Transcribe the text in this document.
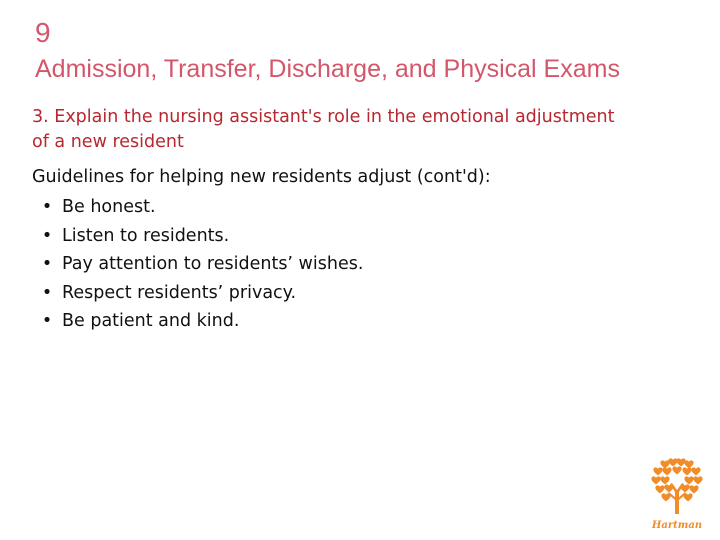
9
Admission, Transfer, Discharge, and Physical Exams
3. Explain the nursing assistant's role in the emotional adjustment of a new resident
Guidelines for helping new residents adjust (cont'd):
• Be honest.
• Listen to residents.
• Pay attention to residents’ wishes.
• Respect residents’ privacy.
• Be patient and kind.
Hartman
